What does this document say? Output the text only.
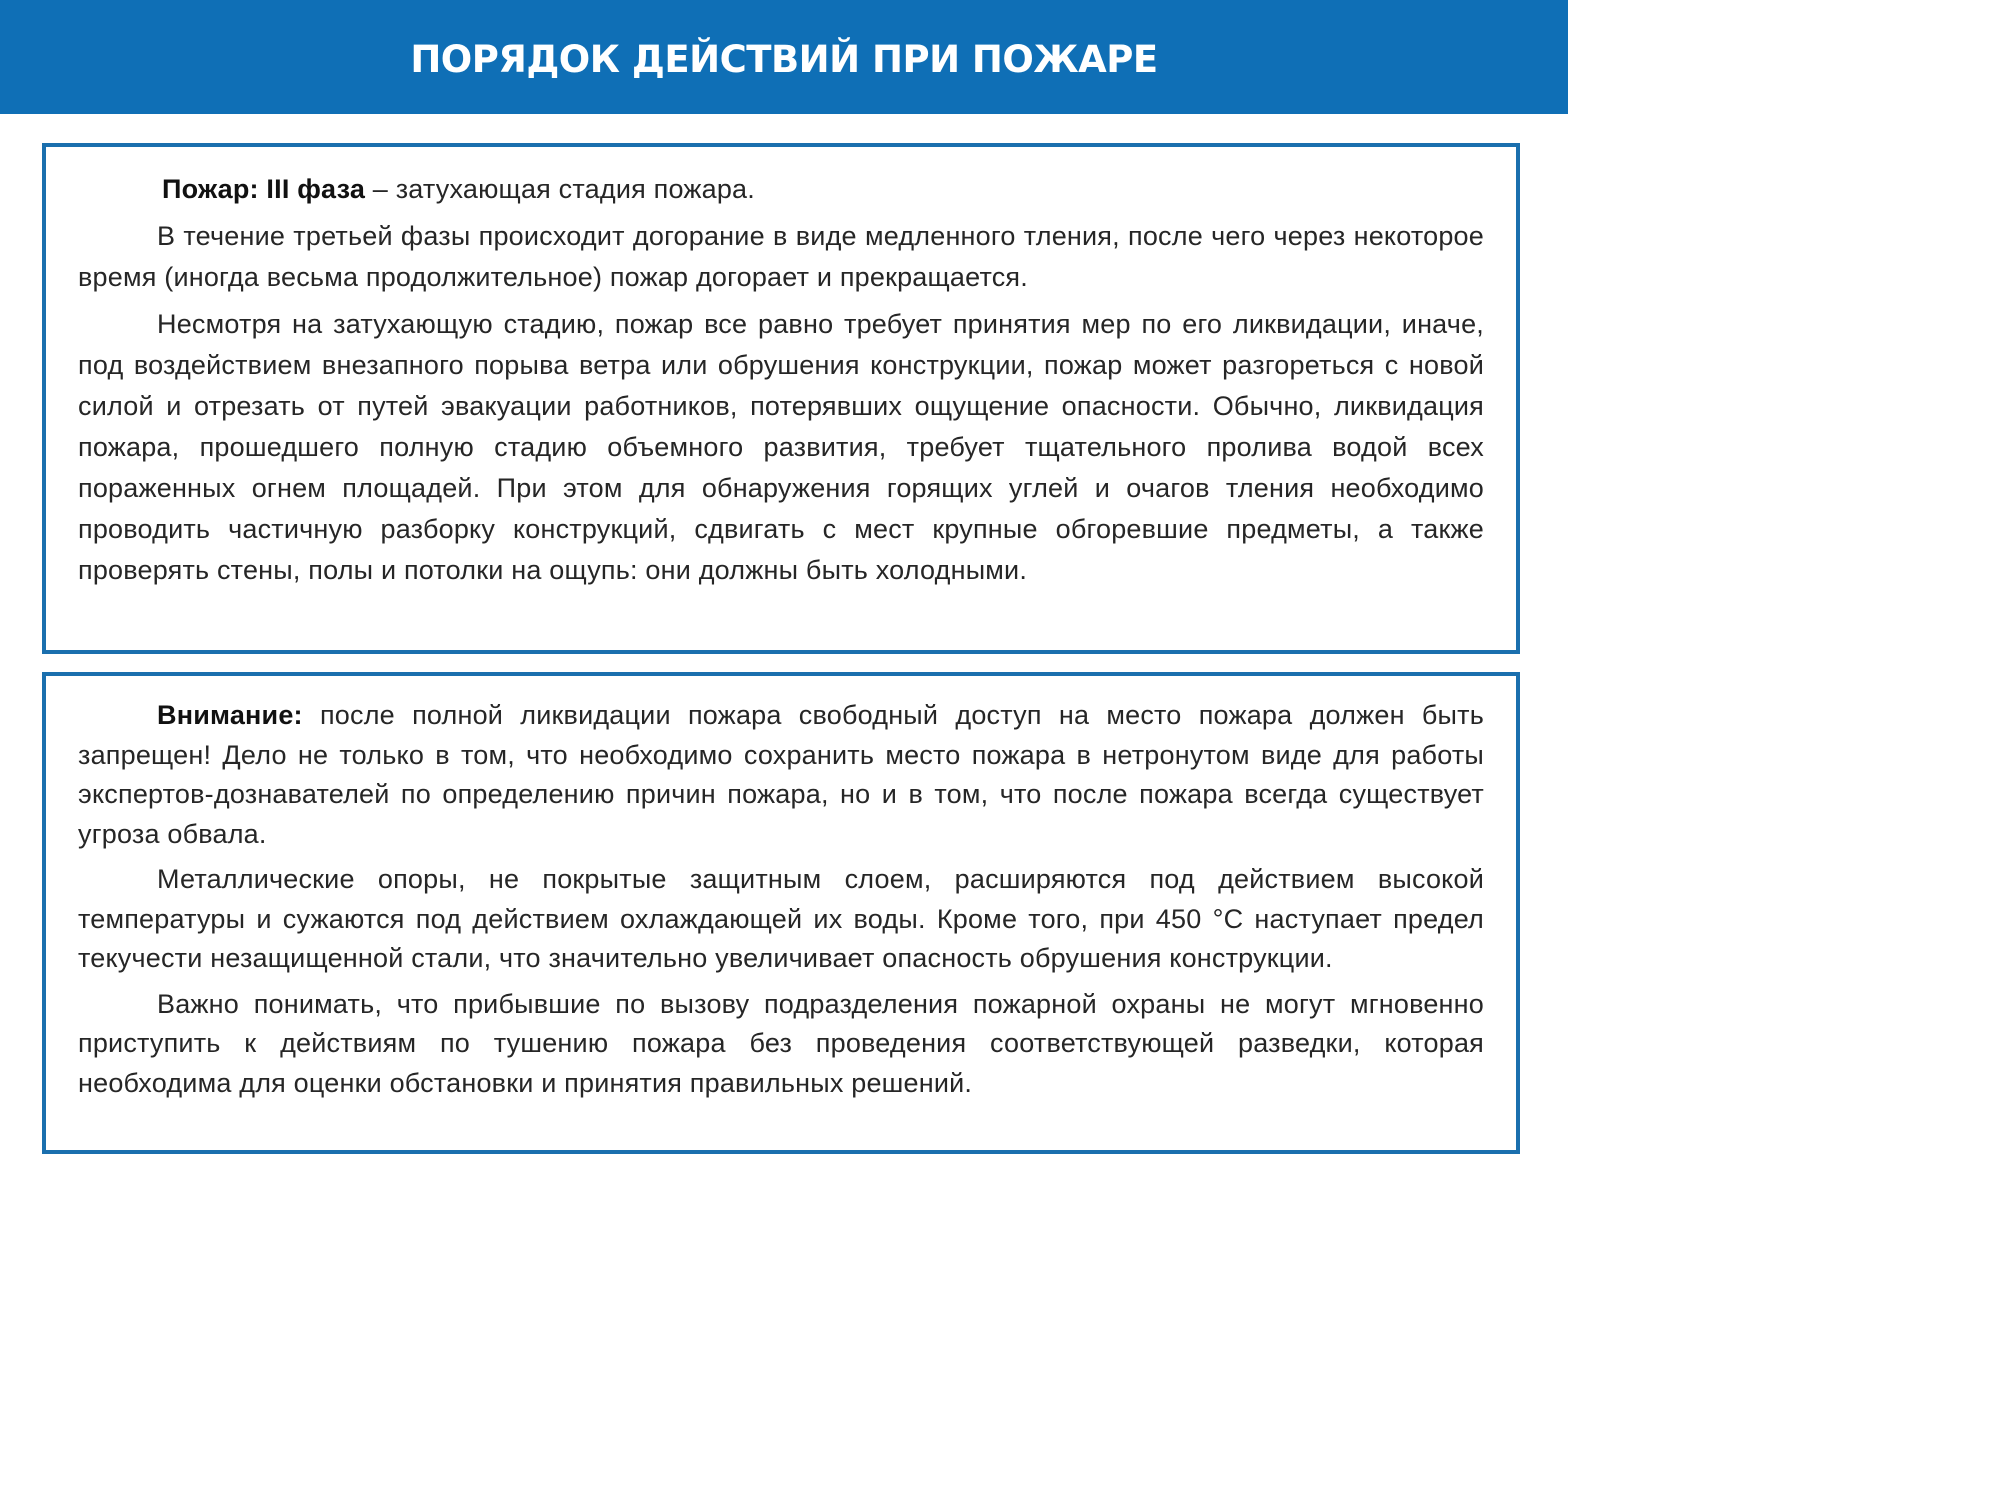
ПОРЯДОК ДЕЙСТВИЙ ПРИ ПОЖАРЕ

Пожар: III фаза – затухающая стадия пожара.

В течение третьей фазы происходит догорание в виде медленного тления, после чего через некоторое время (иногда весьма продолжительное) пожар догорает и прекращается.

Несмотря на затухающую стадию, пожар все равно требует принятия мер по его ликвидации, иначе, под воздействием внезапного порыва ветра или обрушения конструкции, пожар может разгореться с новой силой и отрезать от путей эвакуации работников, потерявших ощущение опасности. Обычно, ликвидация пожара, прошедшего полную стадию объемного развития, требует тщательного пролива водой всех пораженных огнем площадей. При этом для обнаружения горящих углей и очагов тления необходимо проводить частичную разборку конструкций, сдвигать с мест крупные обгоревшие предметы, а также проверять стены, полы и потолки на ощупь: они должны быть холодными.

Внимание: после полной ликвидации пожара свободный доступ на место пожара должен быть запрещен! Дело не только в том, что необходимо сохранить место пожара в нетронутом виде для работы экспертов-дознавателей по определению причин пожара, но и в том, что после пожара всегда существует угроза обвала.

Металлические опоры, не покрытые защитным слоем, расширяются под действием высокой температуры и сужаются под действием охлаждающей их воды. Кроме того, при 450 °С наступает предел текучести незащищенной стали, что значительно увеличивает опасность обрушения конструкции.

Важно понимать, что прибывшие по вызову подразделения пожарной охраны не могут мгновенно приступить к действиям по тушению пожара без проведения соответствующей разведки, которая необходима для оценки обстановки и принятия правильных решений.
